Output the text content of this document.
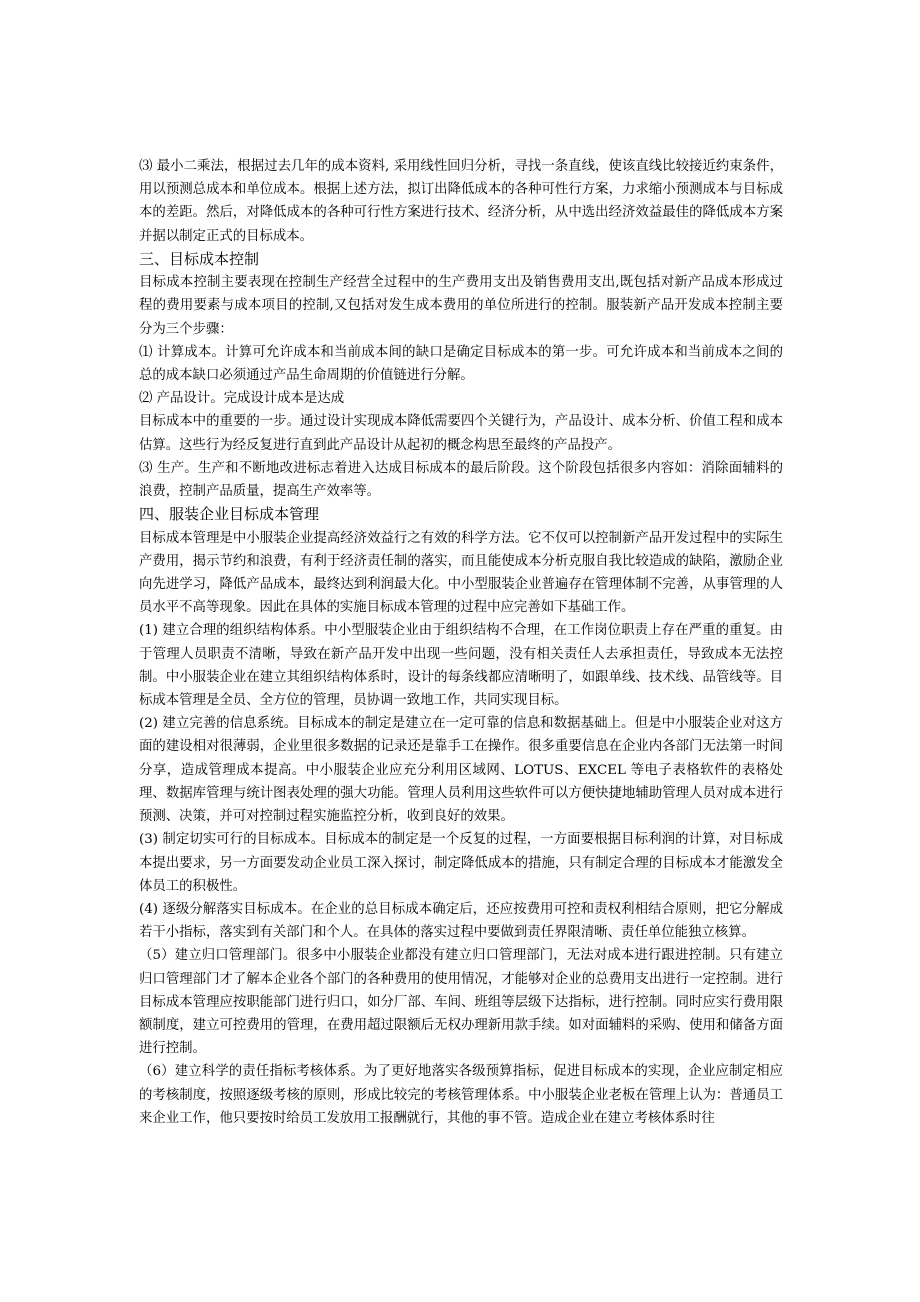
⑶ 最小二乘法，根据过去几年的成本资料, 采用线性回归分析，寻找一条直线，使该直线比较接近约束条件，用以预测总成本和单位成本。根据上述方法，拟订出降低成本的各种可性行方案，力求缩小预测成本与目标成本的差距。然后，对降低成本的各种可行性方案进行技术、经济分析，从中选出经济效益最佳的降低成本方案并据以制定正式的目标成本。

三、目标成本控制

目标成本控制主要表现在控制生产经营全过程中的生产费用支出及销售费用支出,既包括对新产品成本形成过程的费用要素与成本项目的控制,又包括对发生成本费用的单位所进行的控制。服装新产品开发成本控制主要分为三个步骤：

⑴ 计算成本。计算可允许成本和当前成本间的缺口是确定目标成本的第一步。可允许成本和当前成本之间的总的成本缺口必须通过产品生命周期的价值链进行分解。

⑵ 产品设计。完成设计成本是达成

目标成本中的重要的一步。通过设计实现成本降低需要四个关键行为，产品设计、成本分析、价值工程和成本估算。这些行为经反复进行直到此产品设计从起初的概念构思至最终的产品投产。

⑶ 生产。生产和不断地改进标志着进入达成目标成本的最后阶段。这个阶段包括很多内容如：消除面辅料的浪费，控制产品质量，提高生产效率等。

四、服装企业目标成本管理

目标成本管理是中小服装企业提高经济效益行之有效的科学方法。它不仅可以控制新产品开发过程中的实际生产费用，揭示节约和浪费，有利于经济责任制的落实，而且能使成本分析克服自我比较造成的缺陷，激励企业向先进学习，降低产品成本，最终达到利润最大化。中小型服装企业普遍存在管理体制不完善，从事管理的人员水平不高等现象。因此在具体的实施目标成本管理的过程中应完善如下基础工作。

(1) 建立合理的组织结构体系。中小型服装企业由于组织结构不合理，在工作岗位职责上存在严重的重复。由于管理人员职责不清晰，导致在新产品开发中出现一些问题，没有相关责任人去承担责任，导致成本无法控制。中小服装企业在建立其组织结构体系时，设计的每条线都应清晰明了，如跟单线、技术线、品管线等。目标成本管理是全员、全方位的管理，员协调一致地工作，共同实现目标。

(2) 建立完善的信息系统。目标成本的制定是建立在一定可靠的信息和数据基础上。但是中小服装企业对这方面的建设相对很薄弱，企业里很多数据的记录还是靠手工在操作。很多重要信息在企业内各部门无法第一时间分享，造成管理成本提高。中小服装企业应充分利用区域网、LOTUS、EXCEL 等电子表格软件的表格处理、数据库管理与统计图表处理的强大功能。管理人员利用这些软件可以方便快捷地辅助管理人员对成本进行预测、决策，并可对控制过程实施监控分析，收到良好的效果。

(3) 制定切实可行的目标成本。目标成本的制定是一个反复的过程，一方面要根据目标利润的计算，对目标成本提出要求，另一方面要发动企业员工深入探讨，制定降低成本的措施，只有制定合理的目标成本才能激发全体员工的积极性。

(4) 逐级分解落实目标成本。在企业的总目标成本确定后，还应按费用可控和责权利相结合原则，把它分解成若干小指标，落实到有关部门和个人。在具体的落实过程中要做到责任界限清晰、责任单位能独立核算。

（5）建立归口管理部门。很多中小服装企业都没有建立归口管理部门，无法对成本进行跟进控制。只有建立归口管理部门才了解本企业各个部门的各种费用的使用情况，才能够对企业的总费用支出进行一定控制。进行目标成本管理应按职能部门进行归口，如分厂部、车间、班组等层级下达指标，进行控制。同时应实行费用限额制度，建立可控费用的管理，在费用超过限额后无权办理新用款手续。如对面辅料的采购、使用和储备方面进行控制。

（6）建立科学的责任指标考核体系。为了更好地落实各级预算指标，促进目标成本的实现，企业应制定相应的考核制度，按照逐级考核的原则，形成比较完的考核管理体系。中小服装企业老板在管理上认为：普通员工来企业工作，他只要按时给员工发放用工报酬就行，其他的事不管。造成企业在建立考核体系时往
